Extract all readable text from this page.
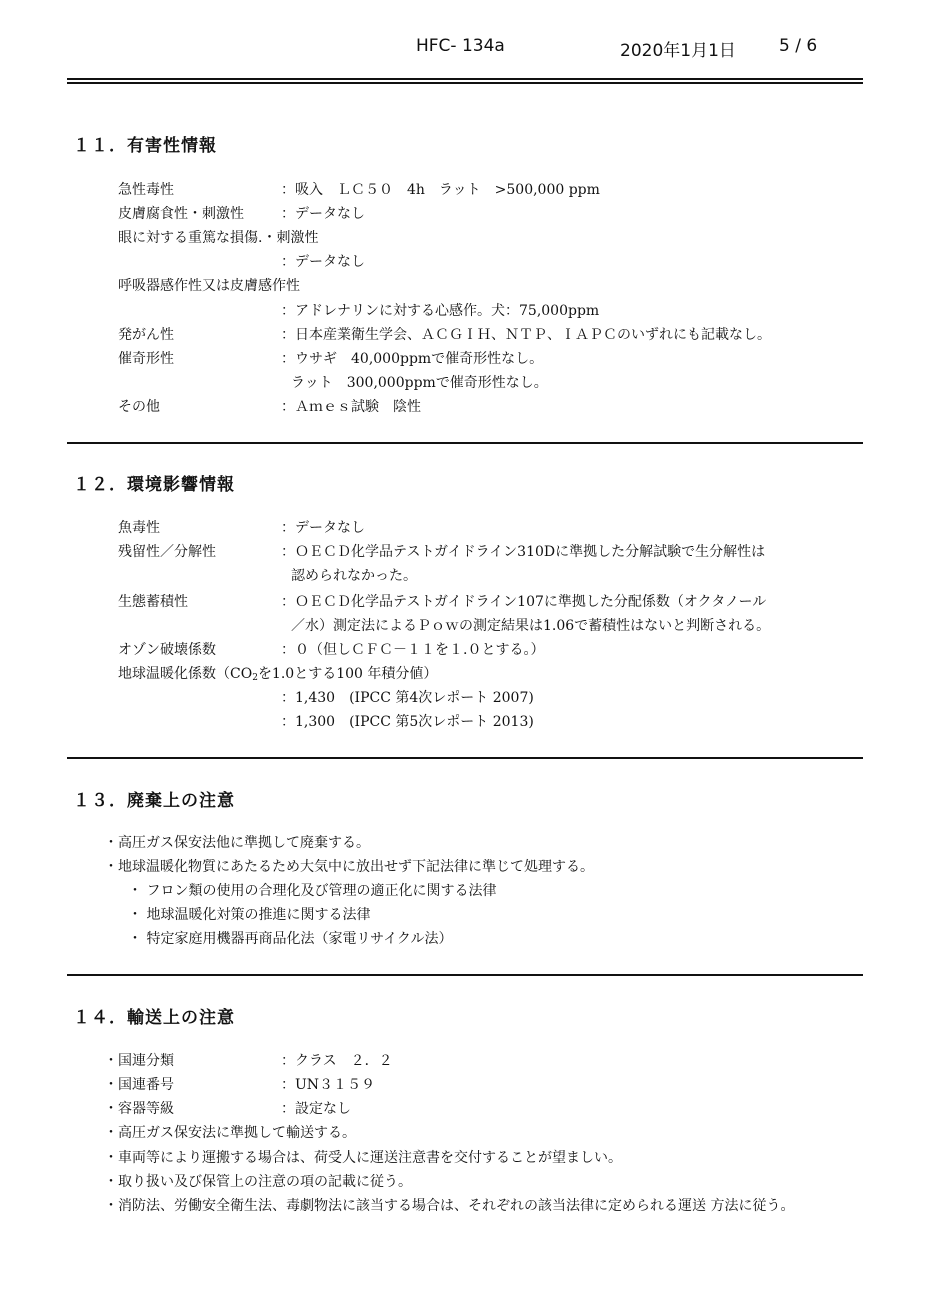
HFC- 134a	2020年1月1日	5 / 6
１１．有害性情報
急性毒性	：吸入　ＬＣ５０　4h　ラット　>500,000 ppm
皮膚腐食性・刺激性	：データなし
眼に対する重篤な損傷.・刺激性
：データなし
呼吸器感作性又は皮膚感作性
：アドレナリンに対する心感作。犬：75,000ppm
発がん性	：日本産業衛生学会、ＡＣＧＩＨ、ＮＴＰ、ＩＡＰＣのいずれにも記載なし。
催奇形性	：ウサギ　40,000ppmで催奇形性なし。
ラット　300,000ppmで催奇形性なし。
その他	：Ａｍｅｓ試験　陰性
１２．環境影響情報
魚毒性	：データなし
残留性／分解性	：ＯＥＣＤ化学品テストガイドライン310Dに準拠した分解試験で生分解性は
認められなかった。
生態蓄積性	：ＯＥＣＤ化学品テストガイドライン107に準拠した分配係数（オクタノール
／水）測定法によるＰｏｗの測定結果は1.06で蓄積性はないと判断される。
オゾン破壊係数	：０（但しＣＦＣ－１１を１.０とする。）
地球温暖化係数（$CO_2$を1.0とする100 年積分値）
：1,430　(IPCC 第4次レポート 2007)
：1,300　(IPCC 第5次レポート 2013)
１３．廃棄上の注意
・高圧ガス保安法他に準拠して廃棄する。
・地球温暖化物質にあたるため大気中に放出せず下記法律に準じて処理する。
・ フロン類の使用の合理化及び管理の適正化に関する法律
・ 地球温暖化対策の推進に関する法律
・ 特定家庭用機器再商品化法（家電リサイクル法）
１４．輸送上の注意
・国連分類	：クラス　２．２
・国連番号	：UN３１５９
・容器等級	：設定なし
・高圧ガス保安法に準拠して輸送する。
・車両等により運搬する場合は、荷受人に運送注意書を交付することが望ましい。
・取り扱い及び保管上の注意の項の記載に従う。
・消防法、労働安全衛生法、毒劇物法に該当する場合は、それぞれの該当法律に定められる運送 方法に従う。
